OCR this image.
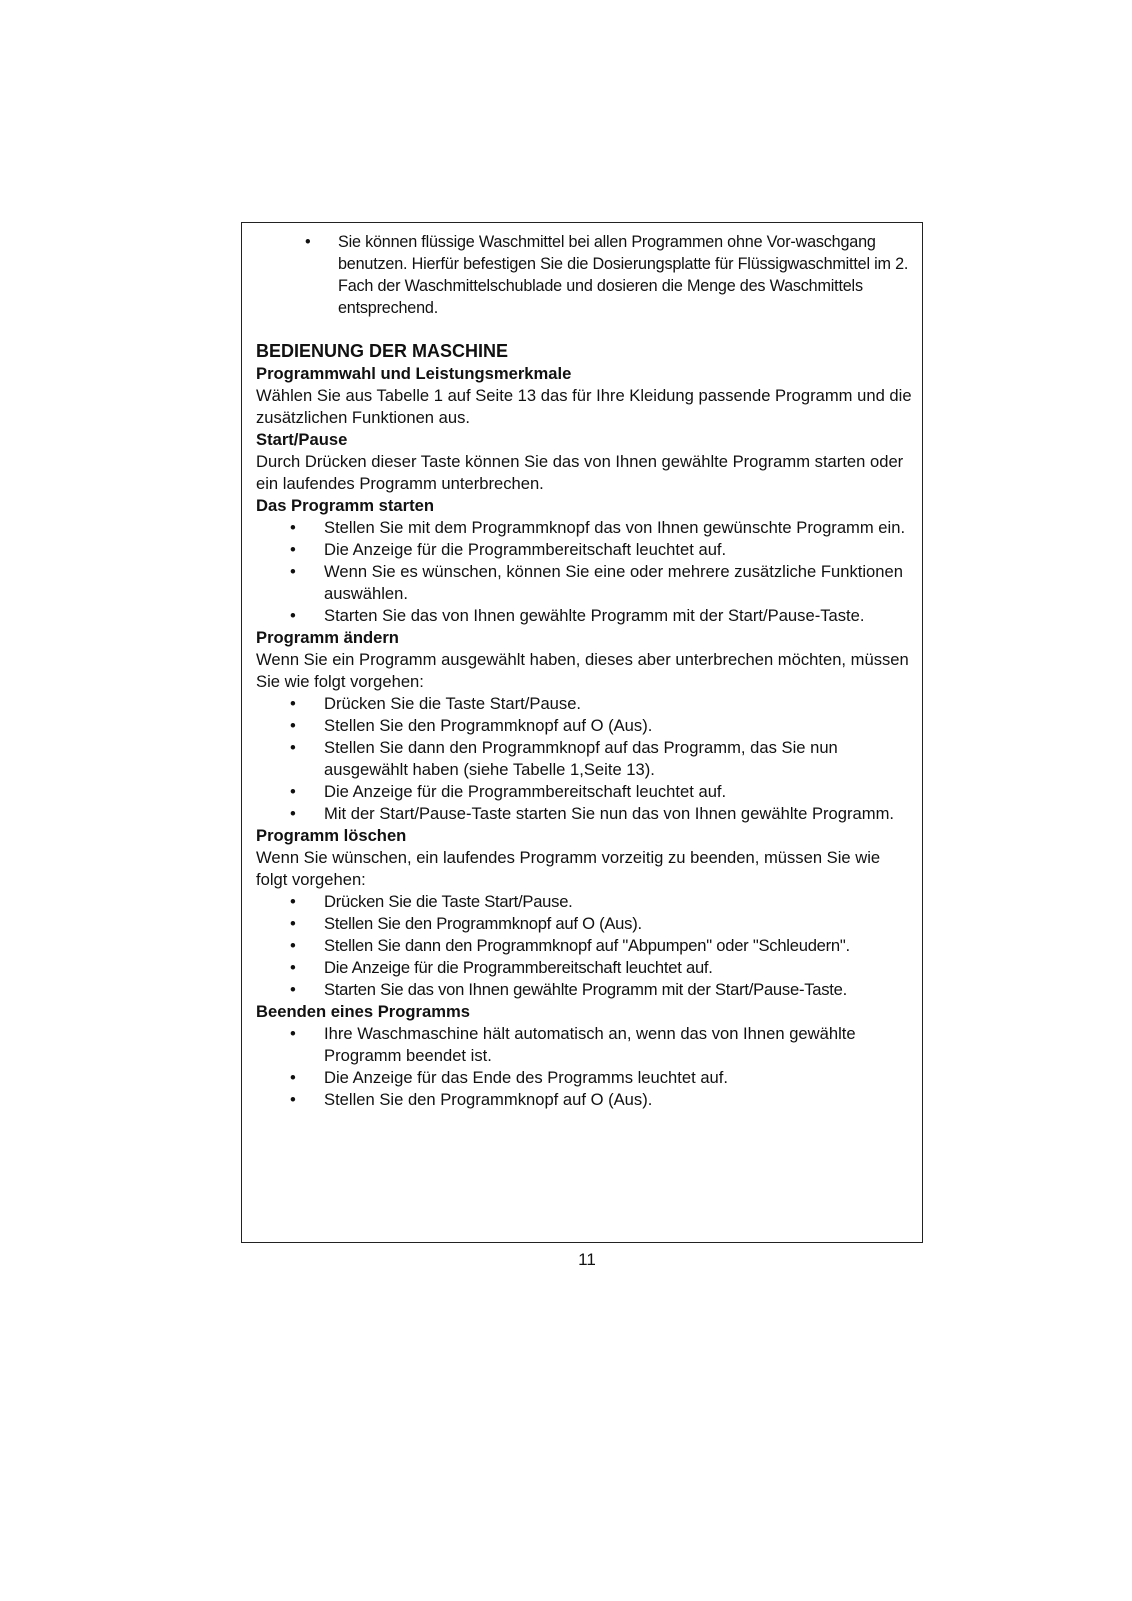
• Sie können flüssige Waschmittel bei allen Programmen ohne Vor-waschgang benutzen. Hierfür befestigen Sie die Dosierungsplatte für Flüssigwaschmittel im 2. Fach der Waschmittelschublade und dosieren die Menge des Waschmittels entsprechend.
BEDIENUNG DER MASCHINE
Programmwahl und Leistungsmerkmale

Wählen Sie aus Tabelle 1 auf Seite 13 das für Ihre Kleidung passende Programm und die zusätzlichen Funktionen aus.

Start/Pause

Durch Drücken dieser Taste können Sie das von Ihnen gewählte Programm starten oder ein laufendes Programm unterbrechen.

Das Programm starten
• Stellen Sie mit dem Programmknopf das von Ihnen gewünschte Programm ein.
• Die Anzeige für die Programmbereitschaft leuchtet auf.
• Wenn Sie es wünschen, können Sie eine oder mehrere zusätzliche Funktionen auswählen.
• Starten Sie das von Ihnen gewählte Programm mit der Start/Pause-Taste.
Programm ändern

Wenn Sie ein Programm ausgewählt haben, dieses aber unterbrechen möchten, müssen Sie wie folgt vorgehen:

• Drücken Sie die Taste Start/Pause.
• Stellen Sie den Programmknopf auf O (Aus).
• Stellen Sie dann den Programmknopf auf das Programm, das Sie nun ausgewählt haben (siehe Tabelle 1,Seite 13).
• Die Anzeige für die Programmbereitschaft leuchtet auf.
• Mit der Start/Pause-Taste starten Sie nun das von Ihnen gewählte Programm.
Programm löschen

Wenn Sie wünschen, ein laufendes Programm vorzeitig zu beenden, müssen Sie wie folgt vorgehen:

• Drücken Sie die Taste Start/Pause.
• Stellen Sie den Programmknopf auf O (Aus).
• Stellen Sie dann den Programmknopf auf "Abpumpen" oder "Schleudern".
• Die Anzeige für die Programmbereitschaft leuchtet auf.
• Starten Sie das von Ihnen gewählte Programm mit der Start/Pause-Taste.
Beenden eines Programms
• Ihre Waschmaschine hält automatisch an, wenn das von Ihnen gewählte Programm beendet ist.
• Die Anzeige für das Ende des Programms leuchtet auf.
• Stellen Sie den Programmknopf auf O (Aus).
11
